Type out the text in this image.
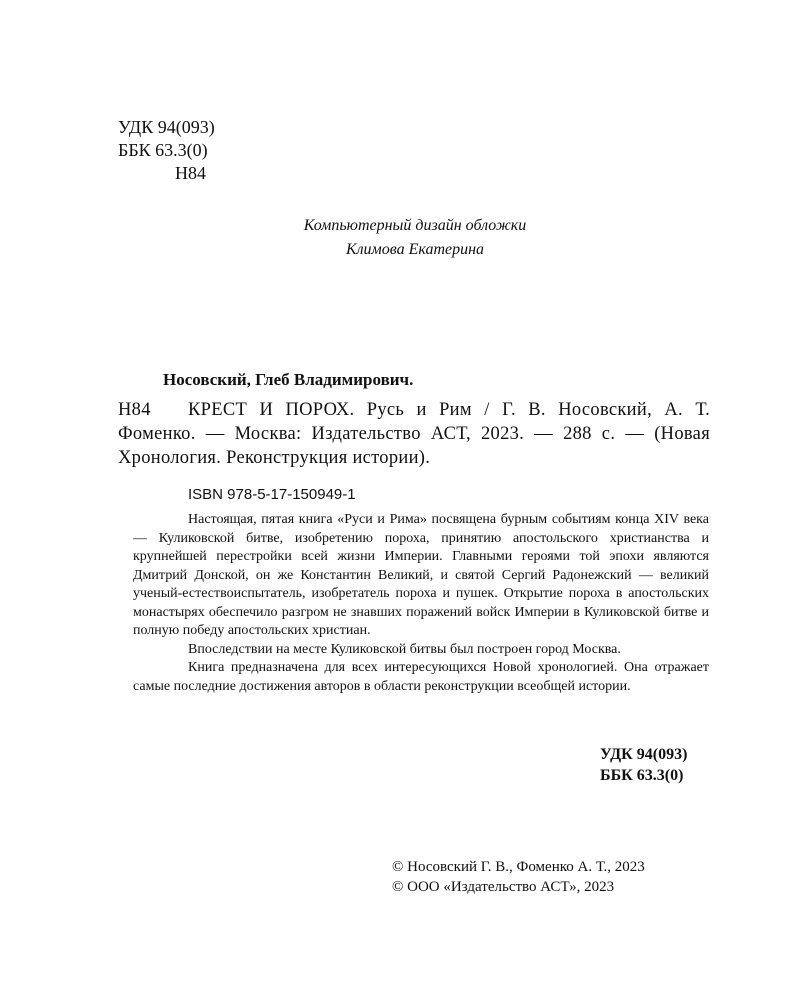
УДК 94(093)
ББК 63.3(0)
Н84
Компьютерный дизайн обложки
Климова Екатерина
Носовский, Глеб Владимирович.
Н84	КРЕСТ И ПОРОХ. Русь и Рим / Г. В. Носовский, А. Т. Фоменко. — Москва: Издательство АСТ, 2023. — 288 с. — (Новая Хронология. Реконструкция истории).
ISBN 978-5-17-150949-1

Настоящая, пятая книга «Руси и Рима» посвящена бурным событиям конца XIV века — Куликовской битве, изобретению пороха, принятию апостольского христианства и крупнейшей перестройки всей жизни Империи. Главными героями той эпохи являются Дмитрий Донской, он же Константин Великий, и святой Сергий Радонежский — великий ученый-естествоиспытатель, изобретатель пороха и пушек. Открытие пороха в апостольских монастырях обеспечило разгром не знавших поражений войск Империи в Куликовской битве и полную победу апостольских христиан.

Впоследствии на месте Куликовской битвы был построен город Москва.

Книга предназначена для всех интересующихся Новой хронологией. Она отражает самые последние достижения авторов в области реконструкции всеобщей истории.

УДК 94(093)
ББК 63.3(0)
© Носовский Г. В., Фоменко А. Т., 2023
© ООО «Издательство АСТ», 2023
